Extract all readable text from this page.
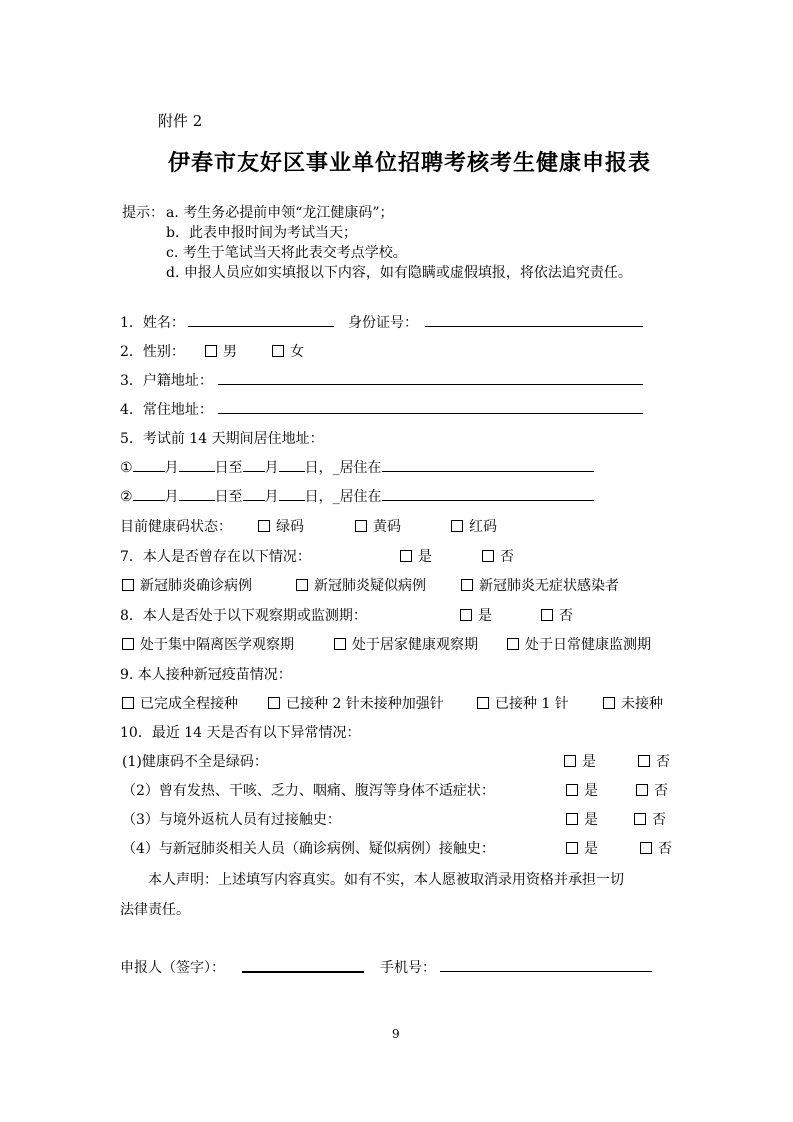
附件 2
伊春市友好区事业单位招聘考核考生健康申报表
提示： a. 考生务必提前申领“龙江健康码”；
b．此表申报时间为考试当天；
c. 考生于笔试当天将此表交考点学校。
d. 申报人员应如实填报以下内容，如有隐瞒或虚假填报，将依法追究责任。
1．姓名：	身份证号：
2．性别：	男	女
3．户籍地址：
4．常住地址：
5．考试前 14 天期间居住地址：
① 月	日至 月 日，_居住在
② 月	日至 月 日，_居住在
目前健康码状态：	绿码	黄码	红码
7．本人是否曾存在以下情况：	是	否
新冠肺炎确诊病例	新冠肺炎疑似病例	新冠肺炎无症状感染者
8．本人是否处于以下观察期或监测期：	是	否
处于集中隔离医学观察期	处于居家健康观察期	处于日常健康监测期
9. 本人接种新冠疫苗情况：
已完成全程接种	已接种 2 针未接种加强针	已接种 1 针	未接种
10．最近 14 天是否有以下异常情况：
(1)健康码不全是绿码：	是	否
（2）曾有发热、干咳、乏力、咽痛、腹泻等身体不适症状：	是	否
（3）与境外返杭人员有过接触史：	是	否
（4）与新冠肺炎相关人员（确诊病例、疑似病例）接触史：	是	否
本人声明：上述填写内容真实。如有不实，本人愿被取消录用资格并承担一切
法律责任。
申报人（签字）：	手机号：
9
